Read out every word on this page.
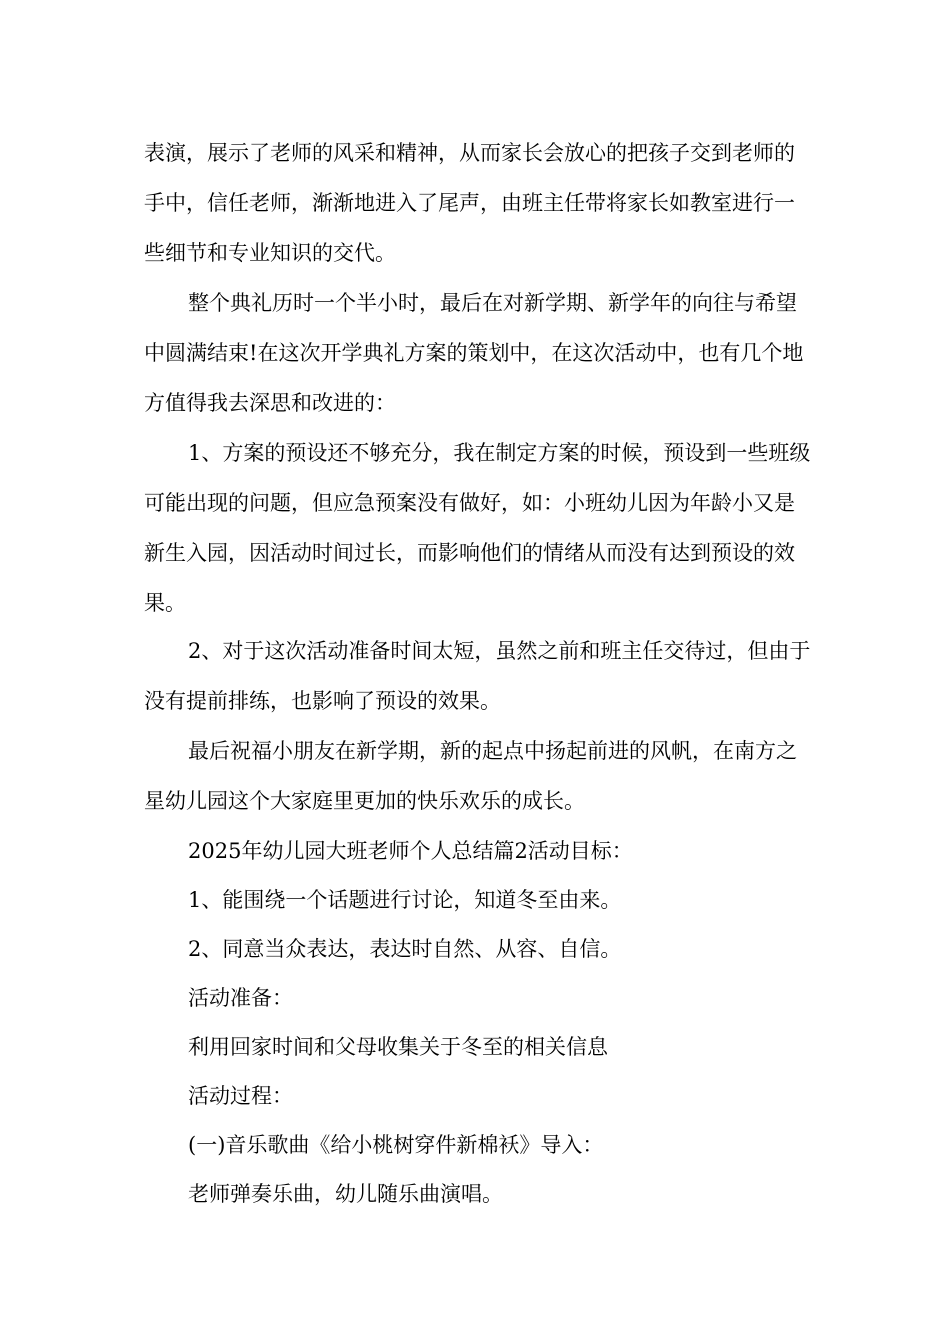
表演，展示了老师的风采和精神，从而家长会放心的把孩子交到老师的手中，信任老师，渐渐地进入了尾声，由班主任带将家长如教室进行一些细节和专业知识的交代。

整个典礼历时一个半小时，最后在对新学期、新学年的向往与希望中圆满结束!在这次开学典礼方案的策划中，在这次活动中，也有几个地方值得我去深思和改进的：

1、方案的预设还不够充分，我在制定方案的时候，预设到一些班级可能出现的问题，但应急预案没有做好，如：小班幼儿因为年龄小又是新生入园，因活动时间过长，而影响他们的情绪从而没有达到预设的效果。

2、对于这次活动准备时间太短，虽然之前和班主任交待过，但由于没有提前排练，也影响了预设的效果。

最后祝福小朋友在新学期，新的起点中扬起前进的风帆，在南方之星幼儿园这个大家庭里更加的快乐欢乐的成长。

2025年幼儿园大班老师个人总结篇2活动目标：

1、能围绕一个话题进行讨论，知道冬至由来。

2、同意当众表达，表达时自然、从容、自信。

活动准备：

利用回家时间和父母收集关于冬至的相关信息

活动过程：

(一)音乐歌曲《给小桃树穿件新棉袄》导入：

老师弹奏乐曲，幼儿随乐曲演唱。
